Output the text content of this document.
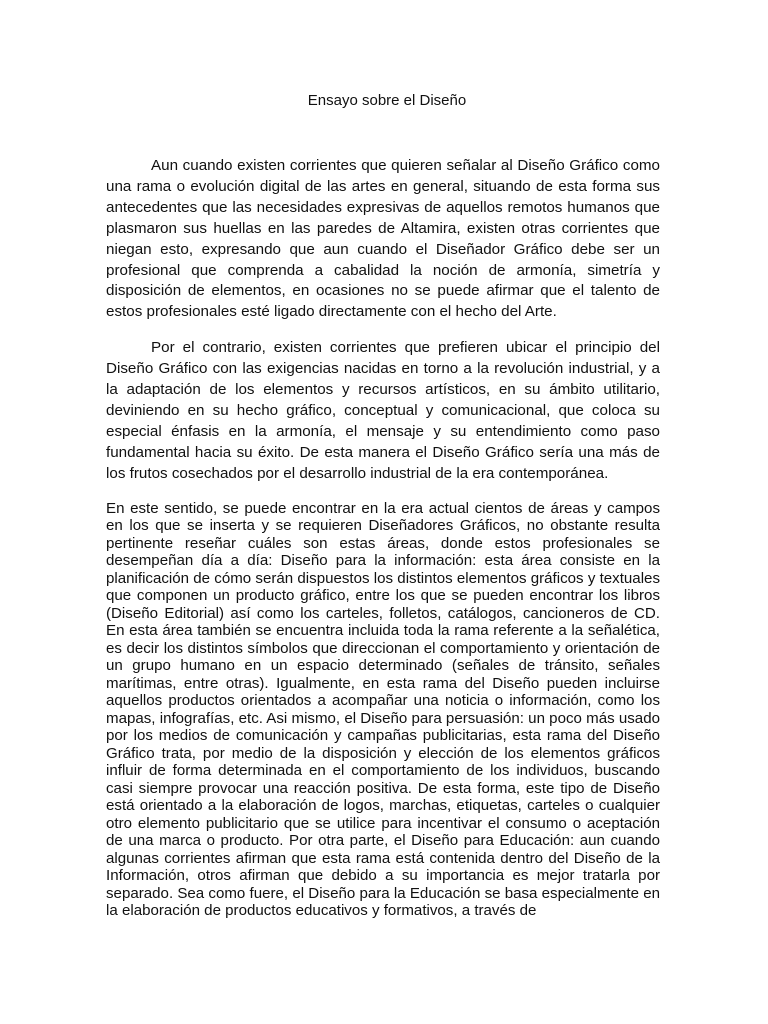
Ensayo sobre el Diseño

Aun cuando existen corrientes que quieren señalar al Diseño Gráfico como una rama o evolución digital de las artes en general, situando de esta forma sus antecedentes que las necesidades expresivas de aquellos remotos humanos que plasmaron sus huellas en las paredes de Altamira, existen otras corrientes que niegan esto, expresando que aun cuando el Diseñador Gráfico debe ser un profesional que comprenda a cabalidad la noción de armonía, simetría y disposición de elementos, en ocasiones no se puede afirmar que el talento de estos profesionales esté ligado directamente con el hecho del Arte.

Por el contrario, existen corrientes que prefieren ubicar el principio del Diseño Gráfico con las exigencias nacidas en torno a la revolución industrial, y a la adaptación de los elementos y recursos artísticos, en su ámbito utilitario, deviniendo en su hecho gráfico, conceptual y comunicacional, que coloca su especial énfasis en la armonía, el mensaje y su entendimiento como paso fundamental hacia su éxito. De esta manera el Diseño Gráfico sería una más de los frutos cosechados por el desarrollo industrial de la era contemporánea.

En este sentido, se puede encontrar en la era actual cientos de áreas y campos en los que se inserta y se requieren Diseñadores Gráficos, no obstante resulta pertinente reseñar cuáles son estas áreas, donde estos profesionales se desempeñan día a día: Diseño para la información: esta área consiste en la planificación de cómo serán dispuestos los distintos elementos gráficos y textuales que componen un producto gráfico, entre los que se pueden encontrar los libros (Diseño Editorial) así como los carteles, folletos, catálogos, cancioneros de CD. En esta área también se encuentra incluida toda la rama referente a la señalética, es decir los distintos símbolos que direccionan el comportamiento y orientación de un grupo humano en un espacio determinado (señales de tránsito, señales marítimas, entre otras). Igualmente, en esta rama del Diseño pueden incluirse aquellos productos orientados a acompañar una noticia o información, como los mapas, infografías, etc. Asi mismo, el Diseño para persuasión: un poco más usado por los medios de comunicación y campañas publicitarias, esta rama del Diseño Gráfico trata, por medio de la disposición y elección de los elementos gráficos influir de forma determinada en el comportamiento de los individuos, buscando casi siempre provocar una reacción positiva. De esta forma, este tipo de Diseño está orientado a la elaboración de logos, marchas, etiquetas, carteles o cualquier otro elemento publicitario que se utilice para incentivar el consumo o aceptación de una marca o producto. Por otra parte, el Diseño para Educación: aun cuando algunas corrientes afirman que esta rama está contenida dentro del Diseño de la Información, otros afirman que debido a su importancia es mejor tratarla por separado. Sea como fuere, el Diseño para la Educación se basa especialmente en la elaboración de productos educativos y formativos, a través de
